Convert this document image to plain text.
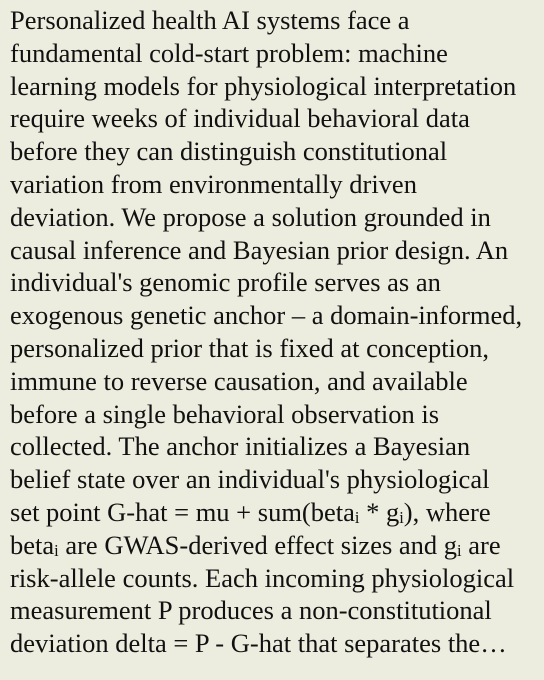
Personalized health AI systems face a
fundamental cold-start problem: machine
learning models for physiological interpretation
require weeks of individual behavioral data
before they can distinguish constitutional
variation from environmentally driven
deviation. We propose a solution grounded in
causal inference and Bayesian prior design. An
individual's genomic profile serves as an
exogenous genetic anchor – a domain-informed,
personalized prior that is fixed at conception,
immune to reverse causation, and available
before a single behavioral observation is
collected. The anchor initializes a Bayesian
belief state over an individual's physiological
set point G-hat = mu + sum(betai * gi), where
betai are GWAS-derived effect sizes and gi are
risk-allele counts. Each incoming physiological
measurement P produces a non-constitutional
deviation delta = P - G-hat that separates the…
